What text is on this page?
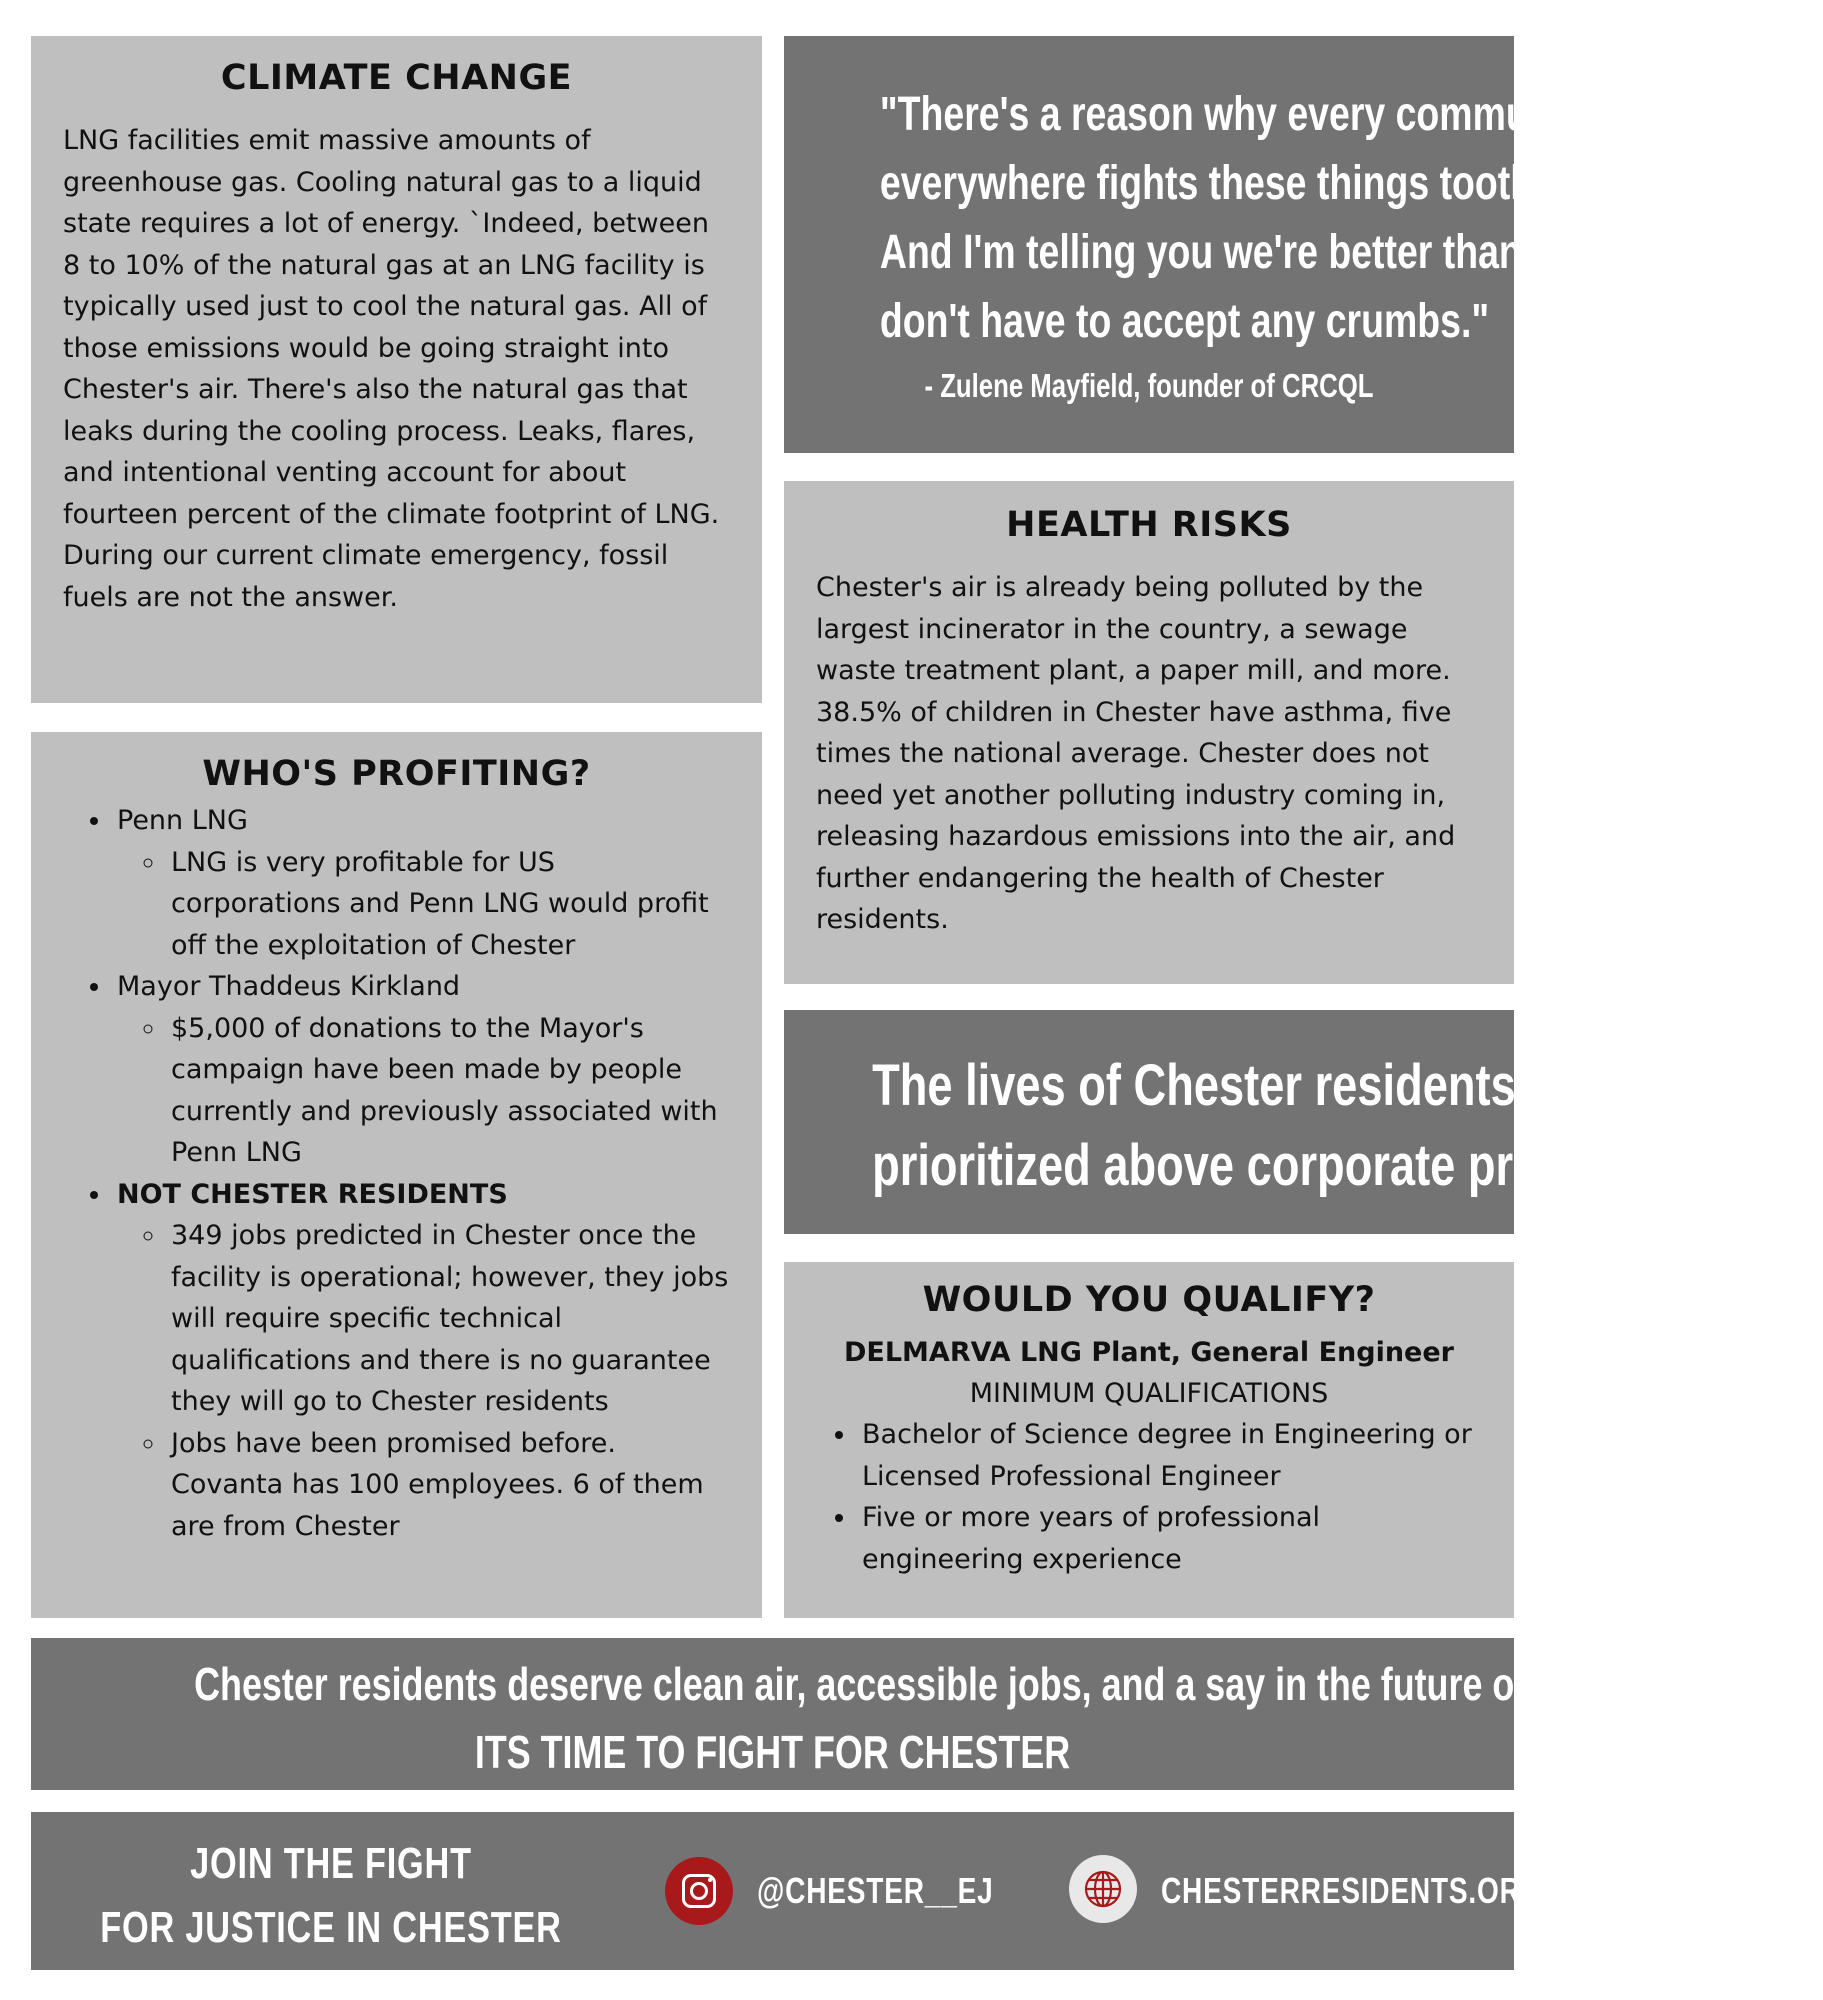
CLIMATE CHANGE

LNG facilities emit massive amounts of greenhouse gas. Cooling natural gas to a liquid state requires a lot of energy. `Indeed, between 8 to 10% of the natural gas at an LNG facility is typically used just to cool the natural gas. All of those emissions would be going straight into Chester's air. There's also the natural gas that leaks during the cooling process. Leaks, flares, and intentional venting account for about fourteen percent of the climate footprint of LNG. During our current climate emergency, fossil fuels are not the answer.

"There's a reason why every community
everywhere fights these things tooth and nail.
And I'm telling you we're better than that. We
don't have to accept any crumbs."
- Zulene Mayfield, founder of CRCQL
HEALTH RISKS

Chester's air is already being polluted by the largest incinerator in the country, a sewage waste treatment plant, a paper mill, and more. 38.5% of children in Chester have asthma, five times the national average. Chester does not need yet another polluting industry coming in, releasing hazardous emissions into the air, and further endangering the health of Chester residents.

WHO'S PROFITING?
• Penn LNG
◦ LNG is very profitable for US corporations and Penn LNG would profit off the exploitation of Chester
• Mayor Thaddeus Kirkland
◦ $5,000 of donations to the Mayor's campaign have been made by people currently and previously associated with Penn LNG
• NOT CHESTER RESIDENTS
◦ 349 jobs predicted in Chester once the facility is operational; however, they jobs will require specific technical qualifications and there is no guarantee they will go to Chester residents
◦ Jobs have been promised before. Covanta has 100 employees. 6 of them are from Chester
The lives of Chester residents must be
prioritized above corporate profit
WOULD YOU QUALIFY?
DELMARVA LNG Plant, General Engineer
MINIMUM QUALIFICATIONS
• Bachelor of Science degree in Engineering or Licensed Professional Engineer
• Five or more years of professional engineering experience
Chester residents deserve clean air, accessible jobs, and a say in the future of their community.
ITS TIME TO FIGHT FOR CHESTER
JOIN THE FIGHT
FOR JUSTICE IN CHESTER
@CHESTER__EJ	CHESTERRESIDENTS.ORG
